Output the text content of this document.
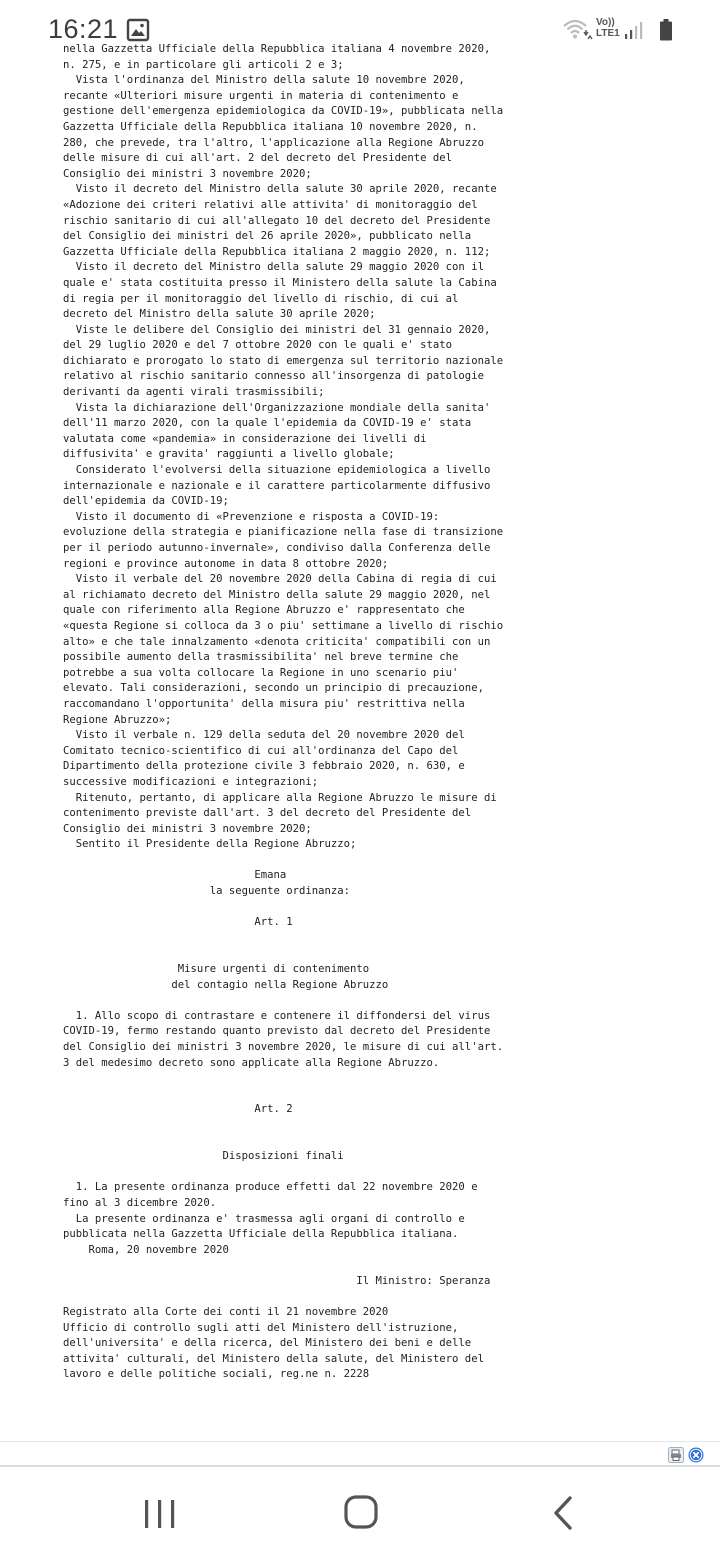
16:21	Vo))
LTE1
nella Gazzetta Ufficiale della Repubblica italiana 4 novembre 2020,
n. 275, e in particolare gli articoli 2 e 3;
Vista l'ordinanza del Ministro della salute 10 novembre 2020,
recante «Ulteriori misure urgenti in materia di contenimento e
gestione dell'emergenza epidemiologica da COVID-19», pubblicata nella
Gazzetta Ufficiale della Repubblica italiana 10 novembre 2020, n.
280, che prevede, tra l'altro, l'applicazione alla Regione Abruzzo
delle misure di cui all'art. 2 del decreto del Presidente del
Consiglio dei ministri 3 novembre 2020;
Visto il decreto del Ministro della salute 30 aprile 2020, recante
«Adozione dei criteri relativi alle attivita' di monitoraggio del
rischio sanitario di cui all'allegato 10 del decreto del Presidente
del Consiglio dei ministri del 26 aprile 2020», pubblicato nella
Gazzetta Ufficiale della Repubblica italiana 2 maggio 2020, n. 112;
Visto il decreto del Ministro della salute 29 maggio 2020 con il
quale e' stata costituita presso il Ministero della salute la Cabina
di regia per il monitoraggio del livello di rischio, di cui al
decreto del Ministro della salute 30 aprile 2020;
Viste le delibere del Consiglio dei ministri del 31 gennaio 2020,
del 29 luglio 2020 e del 7 ottobre 2020 con le quali e' stato
dichiarato e prorogato lo stato di emergenza sul territorio nazionale
relativo al rischio sanitario connesso all'insorgenza di patologie
derivanti da agenti virali trasmissibili;
Vista la dichiarazione dell'Organizzazione mondiale della sanita'
dell'11 marzo 2020, con la quale l'epidemia da COVID-19 e' stata
valutata come «pandemia» in considerazione dei livelli di
diffusivita' e gravita' raggiunti a livello globale;
Considerato l'evolversi della situazione epidemiologica a livello
internazionale e nazionale e il carattere particolarmente diffusivo
dell'epidemia da COVID-19;
Visto il documento di «Prevenzione e risposta a COVID-19:
evoluzione della strategia e pianificazione nella fase di transizione
per il periodo autunno-invernale», condiviso dalla Conferenza delle
regioni e province autonome in data 8 ottobre 2020;
Visto il verbale del 20 novembre 2020 della Cabina di regia di cui
al richiamato decreto del Ministro della salute 29 maggio 2020, nel
quale con riferimento alla Regione Abruzzo e' rappresentato che
«questa Regione si colloca da 3 o piu' settimane a livello di rischio
alto» e che tale innalzamento «denota criticita' compatibili con un
possibile aumento della trasmissibilita' nel breve termine che
potrebbe a sua volta collocare la Regione in uno scenario piu'
elevato. Tali considerazioni, secondo un principio di precauzione,
raccomandano l'opportunita' della misura piu' restrittiva nella
Regione Abruzzo»;
Visto il verbale n. 129 della seduta del 20 novembre 2020 del
Comitato tecnico-scientifico di cui all'ordinanza del Capo del
Dipartimento della protezione civile 3 febbraio 2020, n. 630, e
successive modificazioni e integrazioni;
Ritenuto, pertanto, di applicare alla Regione Abruzzo le misure di
contenimento previste dall'art. 3 del decreto del Presidente del
Consiglio dei ministri 3 novembre 2020;
Sentito il Presidente della Regione Abruzzo;

Emana
la seguente ordinanza:

Art. 1

Misure urgenti di contenimento
del contagio nella Regione Abruzzo

1. Allo scopo di contrastare e contenere il diffondersi del virus
COVID-19, fermo restando quanto previsto dal decreto del Presidente
del Consiglio dei ministri 3 novembre 2020, le misure di cui all'art.
3 del medesimo decreto sono applicate alla Regione Abruzzo.

Art. 2

Disposizioni finali

1. La presente ordinanza produce effetti dal 22 novembre 2020 e
fino al 3 dicembre 2020.
La presente ordinanza e' trasmessa agli organi di controllo e
pubblicata nella Gazzetta Ufficiale della Repubblica italiana.
Roma, 20 novembre 2020

Il Ministro: Speranza

Registrato alla Corte dei conti il 21 novembre 2020
Ufficio di controllo sugli atti del Ministero dell'istruzione,
dell'universita' e della ricerca, del Ministero dei beni e delle
attivita' culturali, del Ministero della salute, del Ministero del
lavoro e delle politiche sociali, reg.ne n. 2228
